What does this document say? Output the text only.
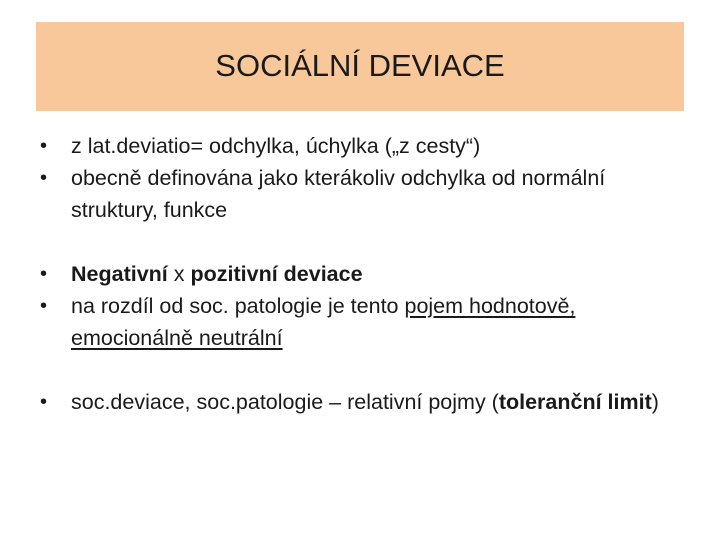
SOCIÁLNÍ DEVIACE
•	z lat.deviatio= odchylka, úchylka („z cesty“)
•	obecně definována jako kterákoliv odchylka od normální struktury, funkce
•	Negativní x pozitivní deviace
•	na rozdíl od soc. patologie je tento pojem hodnotově, emocionálně neutrální
•	soc.deviace, soc.patologie – relativní pojmy (toleranční limit)
